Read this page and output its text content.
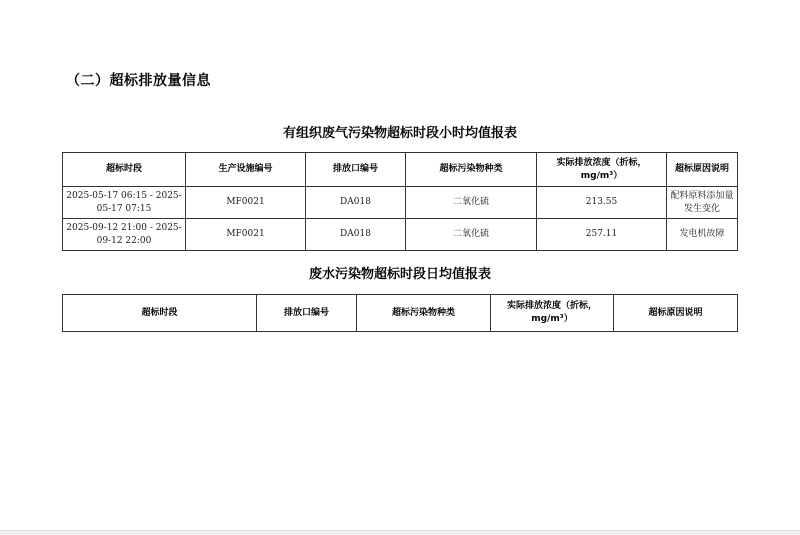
（二）超标排放量信息
有组织废气污染物超标时段小时均值报表
超标时段	生产设施编号	排放口编号	超标污染物种类	实际排放浓度（折标，mg/m³）	超标原因说明
2025-05-17 06:15 - 2025-05-17 07:15	MF0021	DA018	二氧化硫	213.55	配料原料添加量发生变化
2025-09-12 21:00 - 2025-09-12 22:00	MF0021	DA018	二氧化硫	257.11	发电机故障
废水污染物超标时段日均值报表
超标时段	排放口编号	超标污染物种类	实际排放浓度（折标，mg/m³）	超标原因说明
